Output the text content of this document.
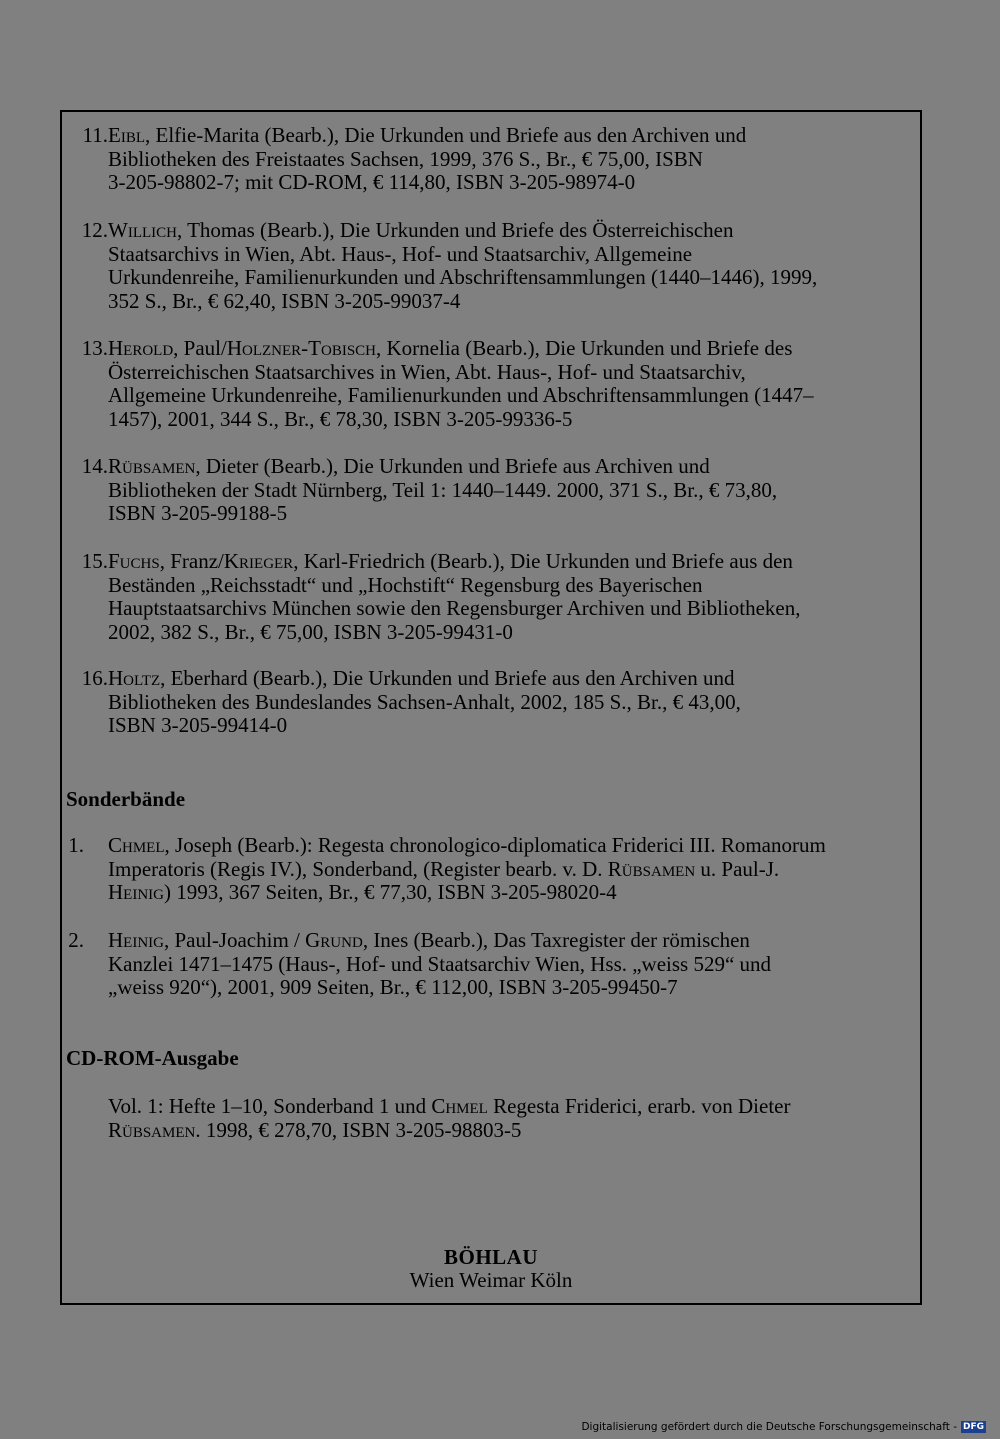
11. Eibl, Elfie-Marita (Bearb.), Die Urkunden und Briefe aus den Archiven und
Bibliotheken des Freistaates Sachsen, 1999, 376 S., Br., € 75,00, ISBN
3-205-98802-7; mit CD-ROM, € 114,80, ISBN 3-205-98974-0
12. Willich, Thomas (Bearb.), Die Urkunden und Briefe des Österreichischen
Staatsarchivs in Wien, Abt. Haus-, Hof- und Staatsarchiv, Allgemeine
Urkundenreihe, Familienurkunden und Abschriftensammlungen (1440–1446), 1999,
352 S., Br., € 62,40, ISBN 3-205-99037-4
13. Herold, Paul/Holzner-Tobisch, Kornelia (Bearb.), Die Urkunden und Briefe des
Österreichischen Staatsarchives in Wien, Abt. Haus-, Hof- und Staatsarchiv,
Allgemeine Urkundenreihe, Familienurkunden und Abschriftensammlungen (1447–
1457), 2001, 344 S., Br., € 78,30, ISBN 3-205-99336-5
14. Rübsamen, Dieter (Bearb.), Die Urkunden und Briefe aus Archiven und
Bibliotheken der Stadt Nürnberg, Teil 1: 1440–1449. 2000, 371 S., Br., € 73,80,
ISBN 3-205-99188-5
15. Fuchs, Franz/Krieger, Karl-Friedrich (Bearb.), Die Urkunden und Briefe aus den
Beständen „Reichsstadt“ und „Hochstift“ Regensburg des Bayerischen
Hauptstaatsarchivs München sowie den Regensburger Archiven und Bibliotheken,
2002, 382 S., Br., € 75,00, ISBN 3-205-99431-0
16. Holtz, Eberhard (Bearb.), Die Urkunden und Briefe aus den Archiven und
Bibliotheken des Bundeslandes Sachsen-Anhalt, 2002, 185 S., Br., € 43,00,
ISBN 3-205-99414-0
Sonderbände
1. Chmel, Joseph (Bearb.): Regesta chronologico-diplomatica Friderici III. Romanorum
Imperatoris (Regis IV.), Sonderband, (Register bearb. v. D. Rübsamen u. Paul-J.
Heinig) 1993, 367 Seiten, Br., € 77,30, ISBN 3-205-98020-4
2. Heinig, Paul-Joachim / Grund, Ines (Bearb.), Das Taxregister der römischen
Kanzlei 1471–1475 (Haus-, Hof- und Staatsarchiv Wien, Hss. „weiss 529“ und
„weiss 920“), 2001, 909 Seiten, Br., € 112,00, ISBN 3-205-99450-7
CD-ROM-Ausgabe
Vol. 1: Hefte 1–10, Sonderband 1 und Chmel Regesta Friderici, erarb. von Dieter
Rübsamen. 1998, € 278,70, ISBN 3-205-98803-5
BÖHLAU
Wien Weimar Köln
Digitalisierung gefördert durch die Deutsche Forschungsgemeinschaft - DFG
